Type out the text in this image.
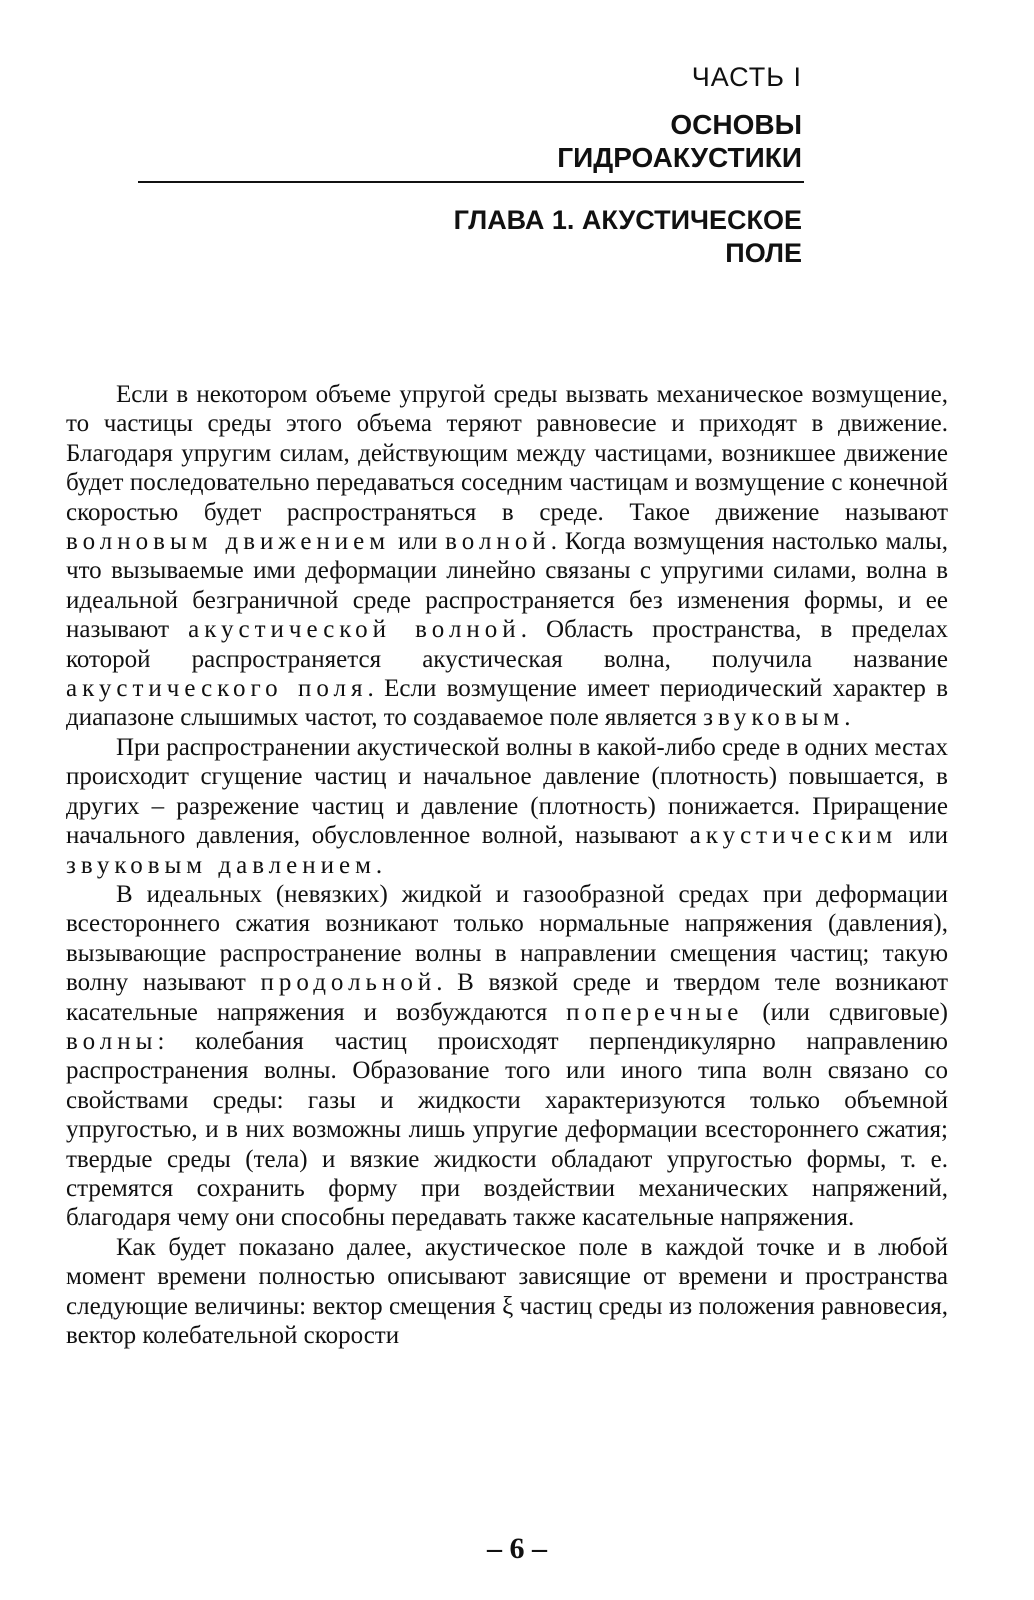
ЧАСТЬ I
ОСНОВЫ
ГИДРОАКУСТИКИ
ГЛАВА 1. АКУСТИЧЕСКОЕ
ПОЛЕ

Если в некотором объеме упругой среды вызвать механическое возмущение, то частицы среды этого объема теряют равновесие и приходят в движение. Благодаря упругим силам, действующим между частицами, возникшее движение будет последовательно передаваться соседним частицам и возмущение с конечной скоростью будет распространяться в среде. Такое движение называют волновым движением или волной. Когда возмущения настолько малы, что вызываемые ими деформации линейно связаны с упругими силами, волна в идеальной безграничной среде распространяется без изменения формы, и ее называют акустической волной. Область пространства, в пределах которой распространяется акустическая волна, получила название акустического поля. Если возмущение имеет периодический характер в диапазоне слышимых частот, то создаваемое поле является звуковым.

При распространении акустической волны в какой-либо среде в одних местах происходит сгущение частиц и начальное давление (плотность) повышается, в других – разрежение частиц и давление (плотность) понижается. Приращение начального давления, обусловленное волной, называют акустическим или звуковым давлением.

В идеальных (невязких) жидкой и газообразной средах при деформации всестороннего сжатия возникают только нормальные напряжения (давления), вызывающие распространение волны в направлении смещения частиц; такую волну называют продольной. В вязкой среде и твердом теле возникают касательные напряжения и возбуждаются поперечные (или сдвиговые) волны: колебания частиц происходят перпендикулярно направлению распространения волны. Образование того или иного типа волн связано со свойствами среды: газы и жидкости характеризуются только объемной упругостью, и в них возможны лишь упругие деформации всестороннего сжатия; твердые среды (тела) и вязкие жидкости обладают упругостью формы, т. е. стремятся сохранить форму при воздействии механических напряжений, благодаря чему они способны передавать также касательные напряжения.

Как будет показано далее, акустическое поле в каждой точке и в любой момент времени полностью описывают зависящие от времени и пространства следующие величины: вектор смещения ξ частиц среды из положения равновесия, вектор колебательной скорости

– 6 –
